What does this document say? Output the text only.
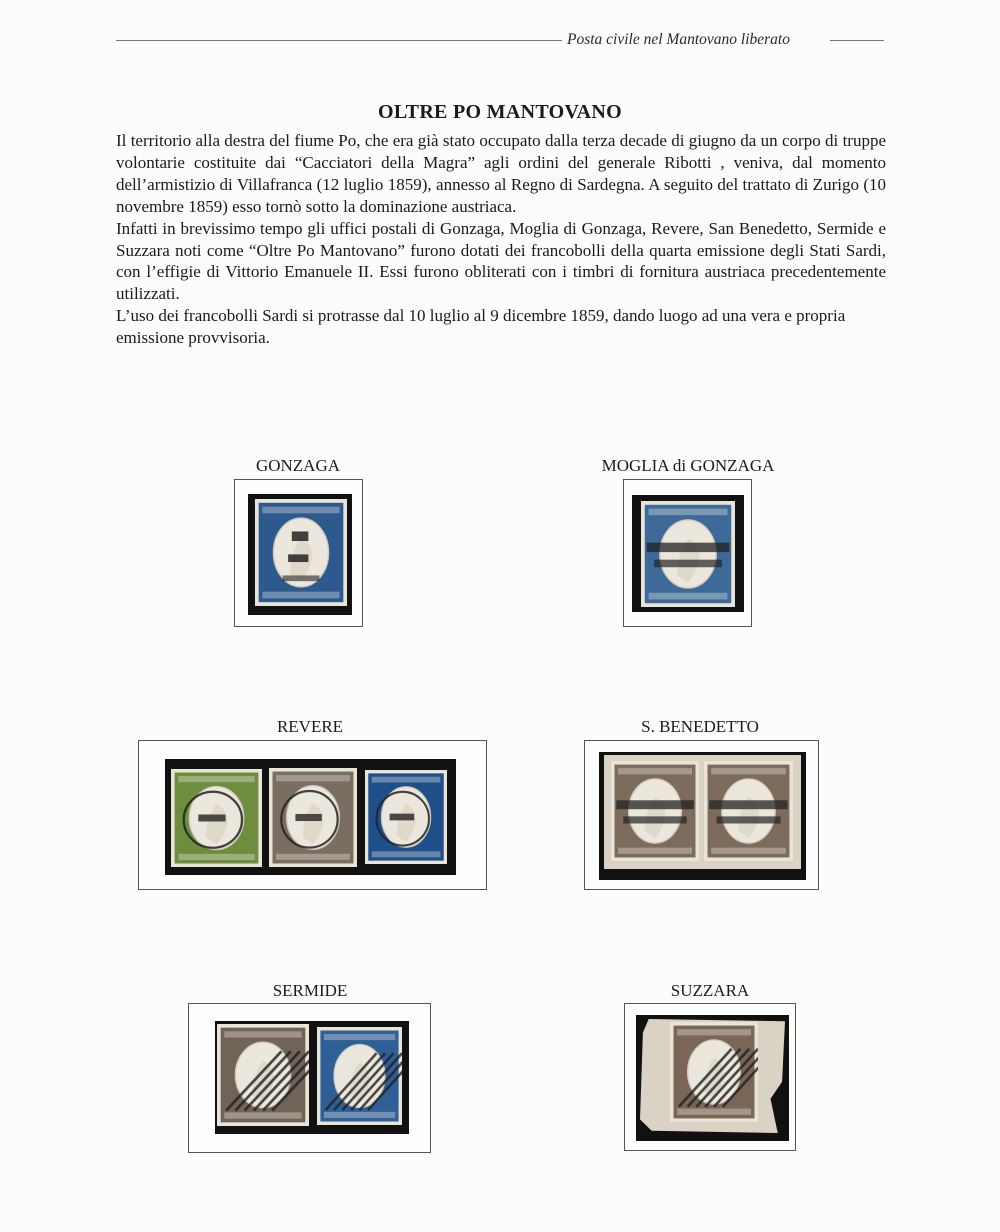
Posta civile nel Mantovano liberato
OLTRE PO MANTOVANO

Il territorio alla destra del fiume Po, che era già stato occupato dalla terza decade di giugno da un corpo di truppe volontarie costituite dai “Cacciatori della Magra” agli ordini del generale Ribotti , veniva, dal momento dell’armistizio di Villafranca (12 luglio 1859), annesso al Regno di Sardegna. A seguito del trattato di Zurigo (10 novembre 1859) esso tornò sotto la dominazione austriaca.

Infatti in brevissimo tempo gli uffici postali di Gonzaga, Moglia di Gonzaga, Revere, San Benedetto, Sermide e Suzzara noti come “Oltre Po Mantovano” furono dotati dei francobolli della quarta emissione degli Stati Sardi, con l’effigie di Vittorio Emanuele II. Essi furono obliterati con i timbri di fornitura austriaca precedentemente utilizzati.

L’uso dei francobolli Sardi si protrasse dal 10 luglio al 9 dicembre 1859, dando luogo ad una vera e propria emissione provvisoria.

GONZAGA	MOGLIA di GONZAGA
REVERE	S. BENEDETTO
SERMIDE	SUZZARA
